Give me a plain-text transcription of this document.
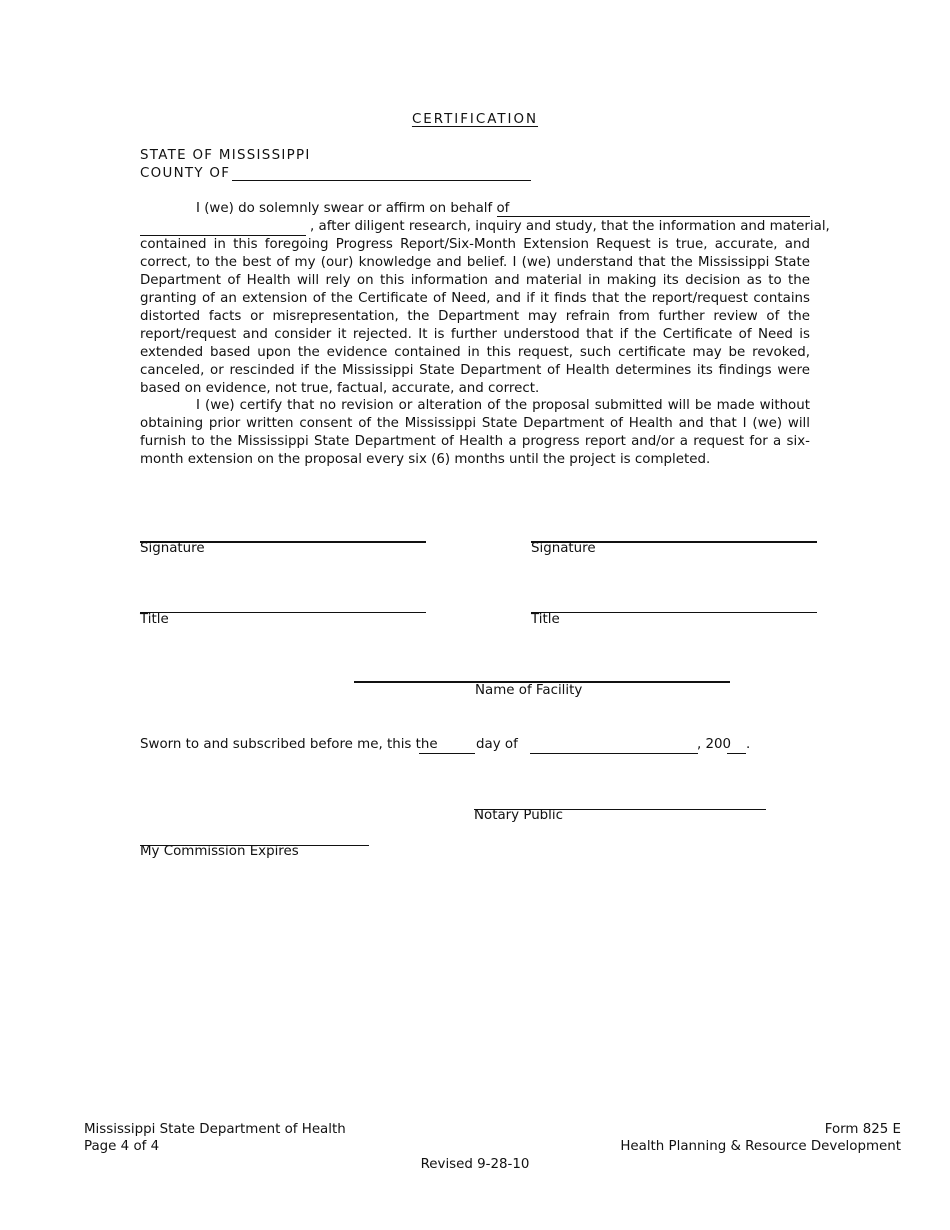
CERTIFICATION
STATE OF MISSISSIPPI
COUNTY OF
I (we) do solemnly swear or affirm on behalf of
, after diligent research, inquiry and study, that the information and material,

contained in this foregoing Progress Report/Six-Month Extension Request is true, accurate, and correct, to the best of my (our) knowledge and belief. I (we) understand that the Mississippi State Department of Health will rely on this information and material in making its decision as to the granting of an extension of the Certificate of Need, and if it finds that the report/request contains distorted facts or misrepresentation, the Department may refrain from further review of the report/request and consider it rejected. It is further understood that if the Certificate of Need is extended based upon the evidence contained in this request, such certificate may be revoked, canceled, or rescinded if the Mississippi State Department of Health determines its findings were based on evidence, not true, factual, accurate, and correct.

I (we) certify that no revision or alteration of the proposal submitted will be made without obtaining prior written consent of the Mississippi State Department of Health and that I (we) will furnish to the Mississippi State Department of Health a progress report and/or a request for a six-month extension on the proposal every six (6) months until the project is completed.

Signature	Signature
Title	Title
Name of Facility
Sworn to and subscribed before me, this the	day of	, 200 .
Notary Public
My Commission Expires
Mississippi State Department of Health
Page 4 of 4
Form 825 E
Health Planning & Resource Development
Revised 9-28-10
